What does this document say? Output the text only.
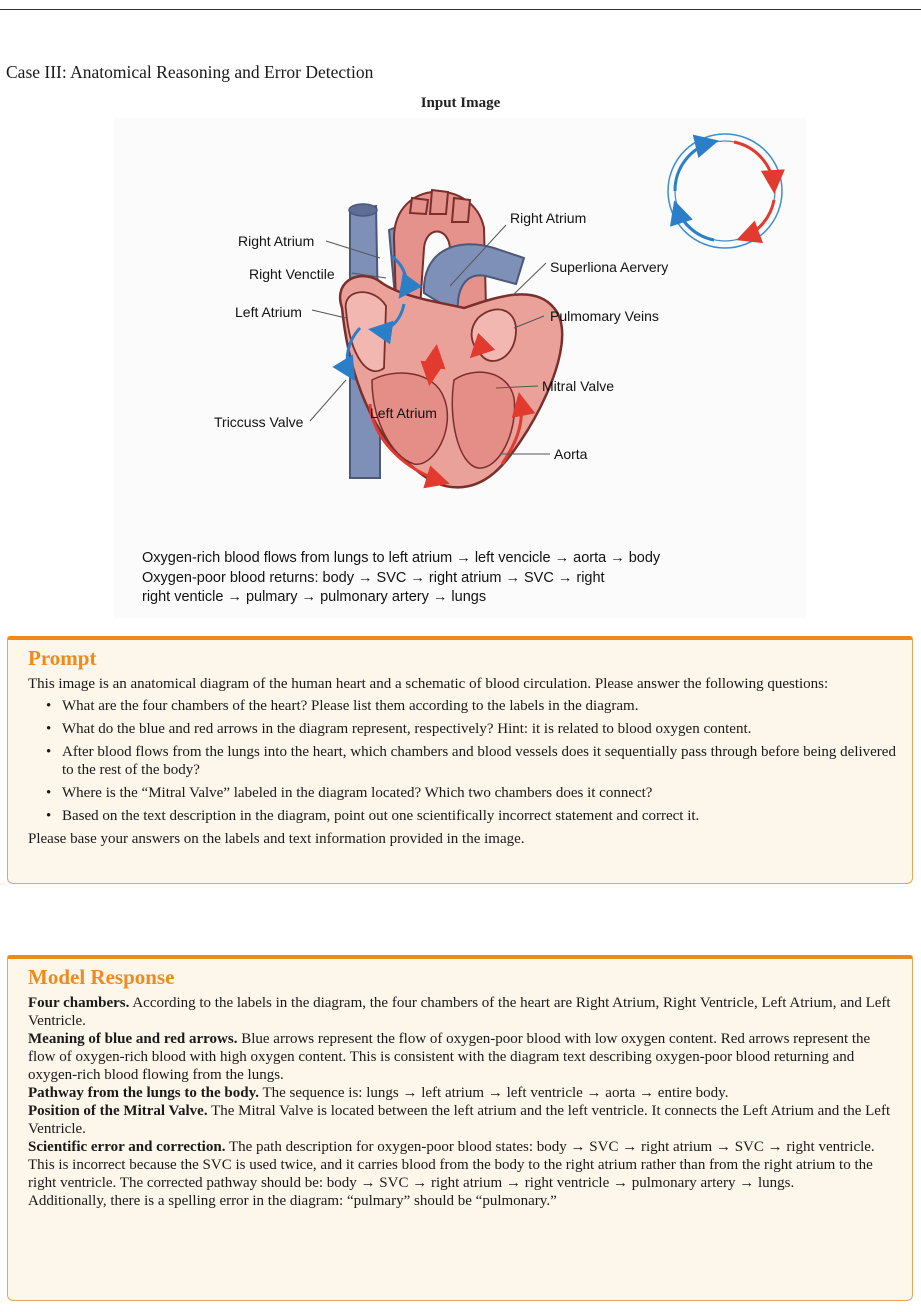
Case III: Anatomical Reasoning and Error Detection
Input Image
Right Atrium
Right Venctile
Left Atrium
Triccuss Valve
Right Atrium
Superliona Aervery
Pulmomary Veins
Mitral Valve
Aorta
Left Atrium
Oxygen-rich blood flows from lungs to left atrium → left vencicle → aorta → body
Oxygen-poor blood returns: body → SVC → right atrium → SVC → right
right venticle → pulmary → pulmonary artery → lungs
Prompt
This image is an anatomical diagram of the human heart and a schematic of blood circulation. Please answer the following questions:
• What are the four chambers of the heart? Please list them according to the labels in the diagram.
• What do the blue and red arrows in the diagram represent, respectively? Hint: it is related to blood oxygen content.
• After blood flows from the lungs into the heart, which chambers and blood vessels does it sequentially pass through before being delivered to the rest of the body?
• Where is the “Mitral Valve” labeled in the diagram located? Which two chambers does it connect?
• Based on the text description in the diagram, point out one scientifically incorrect statement and correct it.
Please base your answers on the labels and text information provided in the image.
Model Response

Four chambers. According to the labels in the diagram, the four chambers of the heart are Right Atrium, Right Ventricle, Left Atrium, and Left Ventricle.

Meaning of blue and red arrows. Blue arrows represent the flow of oxygen-poor blood with low oxygen content. Red arrows represent the flow of oxygen-rich blood with high oxygen content. This is consistent with the diagram text describing oxygen-poor blood returning and oxygen-rich blood flowing from the lungs.

Pathway from the lungs to the body. The sequence is: lungs → left atrium → left ventricle → aorta → entire body.

Position of the Mitral Valve. The Mitral Valve is located between the left atrium and the left ventricle. It connects the Left Atrium and the Left Ventricle.

Scientific error and correction. The path description for oxygen-poor blood states: body → SVC → right atrium → SVC → right ventricle. This is incorrect because the SVC is used twice, and it carries blood from the body to the right atrium rather than from the right atrium to the right ventricle. The corrected pathway should be: body → SVC → right atrium → right ventricle → pulmonary artery → lungs.

Additionally, there is a spelling error in the diagram: “pulmary” should be “pulmonary.”
